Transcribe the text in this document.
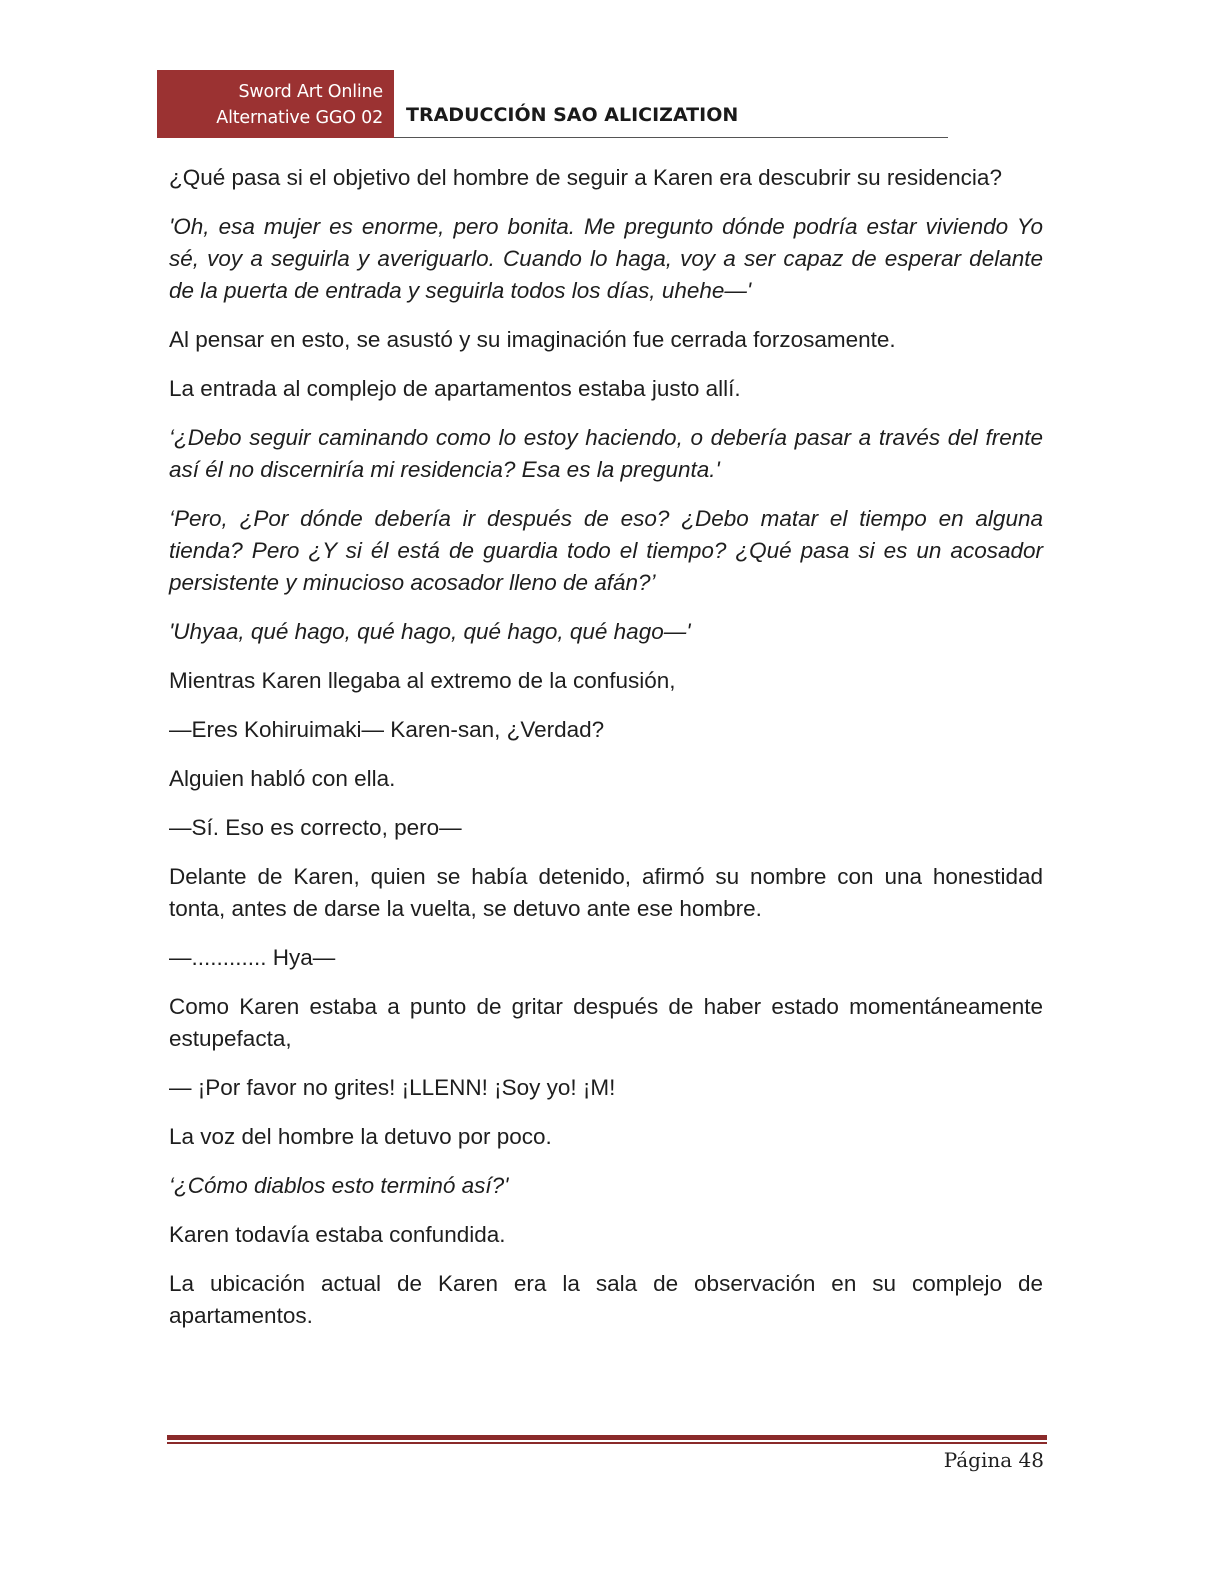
Sword Art Online
Alternative GGO 02 TRADUCCIÓN SAO ALICIZATION

¿Qué pasa si el objetivo del hombre de seguir a Karen era descubrir su residencia?

'Oh, esa mujer es enorme, pero bonita. Me pregunto dónde podría estar viviendo Yo sé, voy a seguirla y averiguarlo. Cuando lo haga, voy a ser capaz de esperar delante de la puerta de entrada y seguirla todos los días, uhehe—'

Al pensar en esto, se asustó y su imaginación fue cerrada forzosamente.

La entrada al complejo de apartamentos estaba justo allí.

‘¿Debo seguir caminando como lo estoy haciendo, o debería pasar a través del frente así él no discerniría mi residencia? Esa es la pregunta.'

‘Pero, ¿Por dónde debería ir después de eso? ¿Debo matar el tiempo en alguna tienda? Pero ¿Y si él está de guardia todo el tiempo? ¿Qué pasa si es un acosador persistente y minucioso acosador lleno de afán?’

'Uhyaa, qué hago, qué hago, qué hago, qué hago—'

Mientras Karen llegaba al extremo de la confusión,

—Eres Kohiruimaki— Karen-san, ¿Verdad?

Alguien habló con ella.

—Sí. Eso es correcto, pero—

Delante de Karen, quien se había detenido, afirmó su nombre con una honestidad tonta, antes de darse la vuelta, se detuvo ante ese hombre.

—............ Hya—

Como Karen estaba a punto de gritar después de haber estado momentáneamente estupefacta,

— ¡Por favor no grites! ¡LLENN! ¡Soy yo! ¡M!

La voz del hombre la detuvo por poco.

‘¿Cómo diablos esto terminó así?'

Karen todavía estaba confundida.

La ubicación actual de Karen era la sala de observación en su complejo de apartamentos.

Página 48
